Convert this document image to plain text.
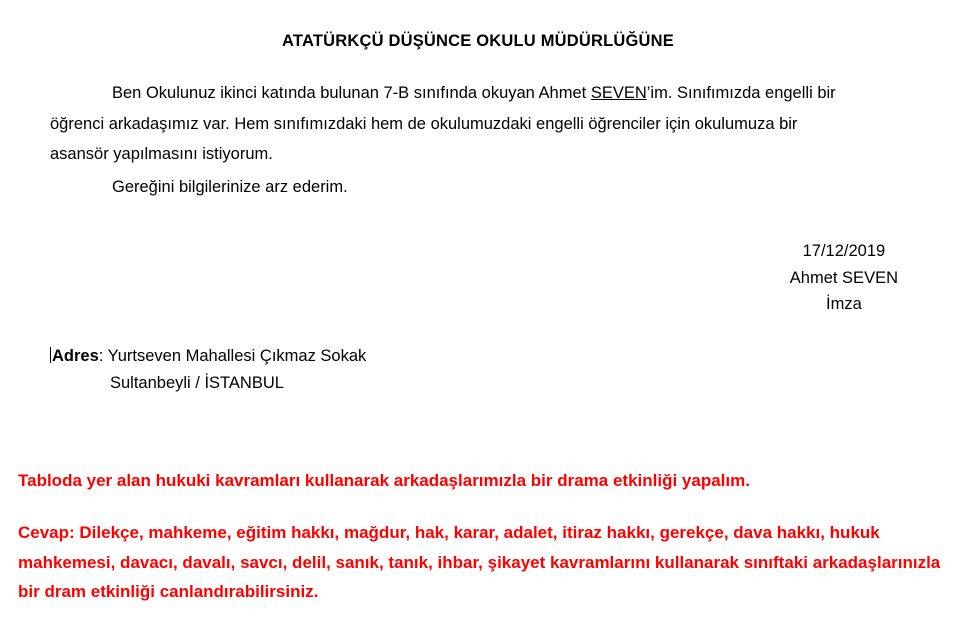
ATATÜRKÇÜ DÜŞÜNCE OKULU MÜDÜRLÜĞÜNE

Ben Okulunuz ikinci katında bulunan 7-B sınıfında okuyan Ahmet SEVEN’im. Sınıfımızda engelli bir öğrenci arkadaşımız var. Hem sınıfımızdaki hem de okulumuzdaki engelli öğrenciler için okulumuza bir asansör yapılmasını istiyorum.

Gereğini bilgilerinize arz ederim.
17/12/2019
Ahmet SEVEN
İmza
Adres: Yurtseven Mahallesi Çıkmaz Sokak
Sultanbeyli / İSTANBUL

Tabloda yer alan hukuki kavramları kullanarak arkadaşlarımızla bir drama etkinliği yapalım.

Cevap: Dilekçe, mahkeme, eğitim hakkı, mağdur, hak, karar, adalet, itiraz hakkı, gerekçe, dava hakkı, hukuk mahkemesi, davacı, davalı, savcı, delil, sanık, tanık, ihbar, şikayet kavramlarını kullanarak sınıftaki arkadaşlarınızla bir dram etkinliği canlandırabilirsiniz.
